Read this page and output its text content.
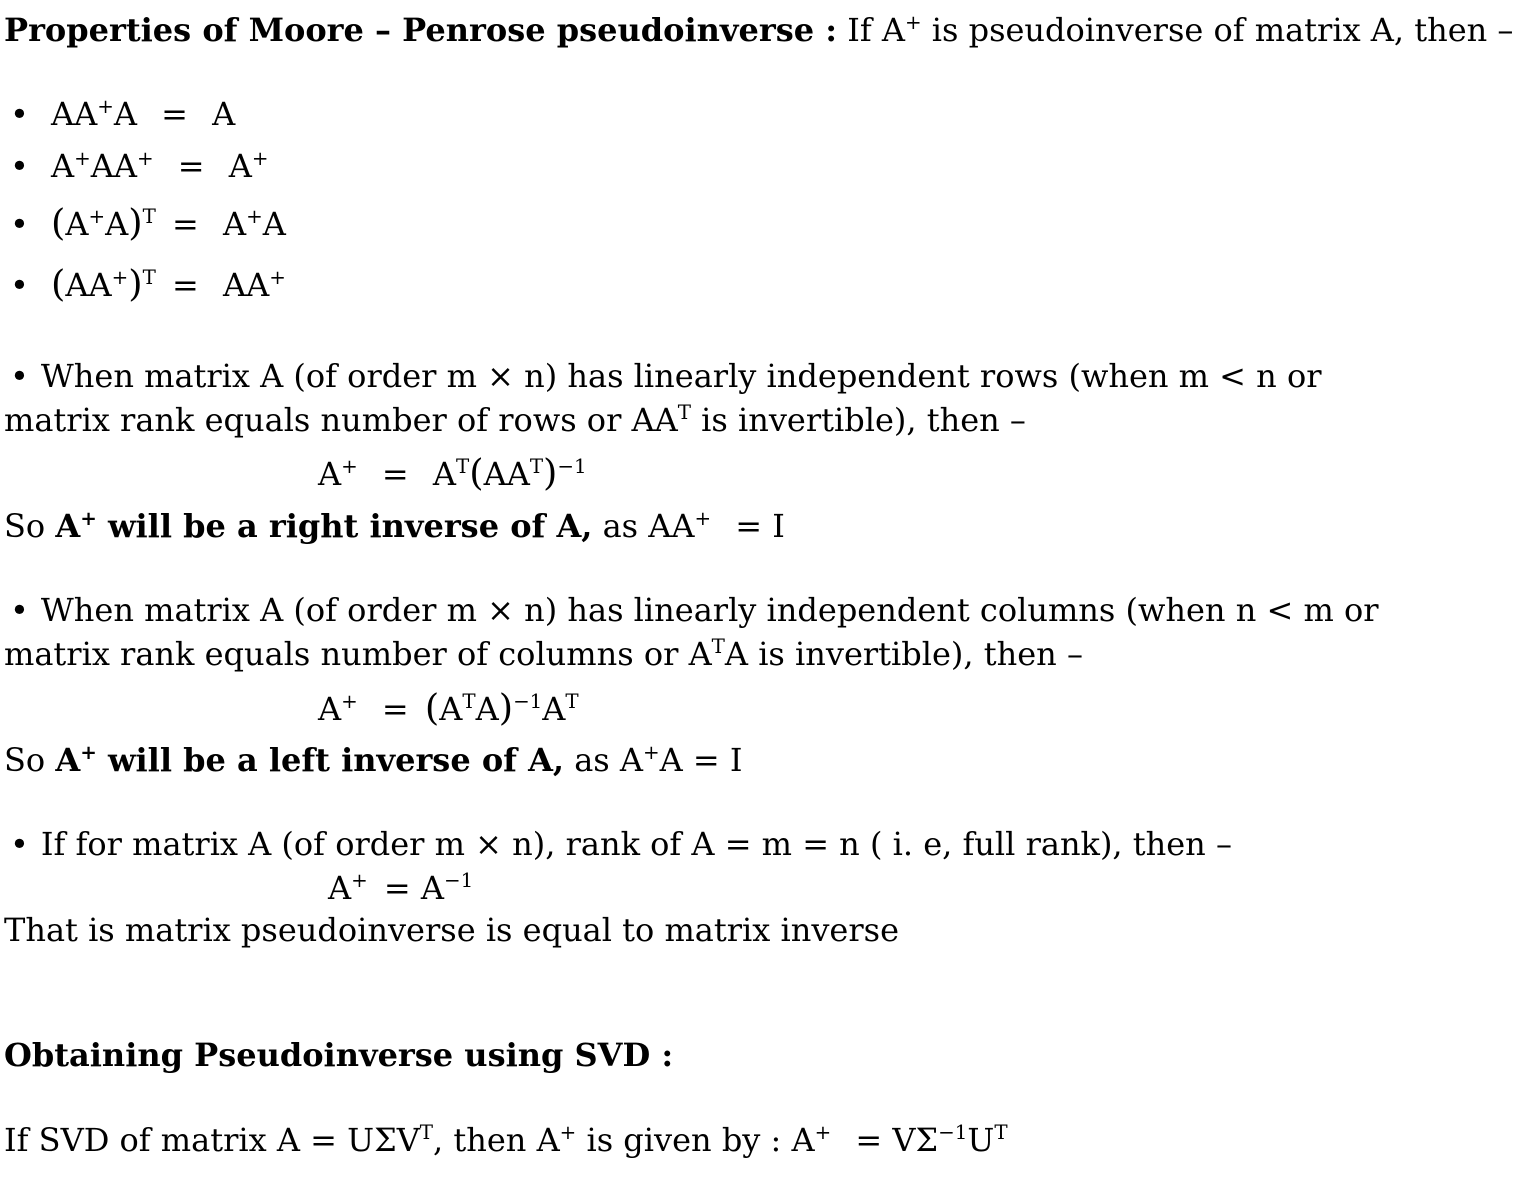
Properties of Moore – Penrose pseudoinverse : If A+ is pseudoinverse of matrix A, then –
• AA+A = A
• A+AA+ = A+
• $(A^+A)^T = A^+A$
• $(AA^+)^T = AA^+$
• When matrix A (of order m × n) has linearly independent rows (when m < n or
matrix rank equals number of rows or $AA^T$ is invertible), then –
$A^+ = A^T(AA^T)^{-1}$
So A+ will be a right inverse of A, as AA+ = I
• When matrix A (of order m × n) has linearly independent columns (when n < m or
matrix rank equals number of columns or $A^TA$ is invertible), then –
$A^+ = (A^TA)^{-1}A^T$
So A+ will be a left inverse of A, as A+A = I
• If for matrix A (of order m × n), rank of A = m = n ( i. e, full rank), then –
$A^+ = A^{-1}$
That is matrix pseudoinverse is equal to matrix inverse
Obtaining Pseudoinverse using SVD :
If SVD of matrix $A = U\Sigma V^T$, then A+ is given by : $A^+ = V\Sigma^{-1}U^T$
